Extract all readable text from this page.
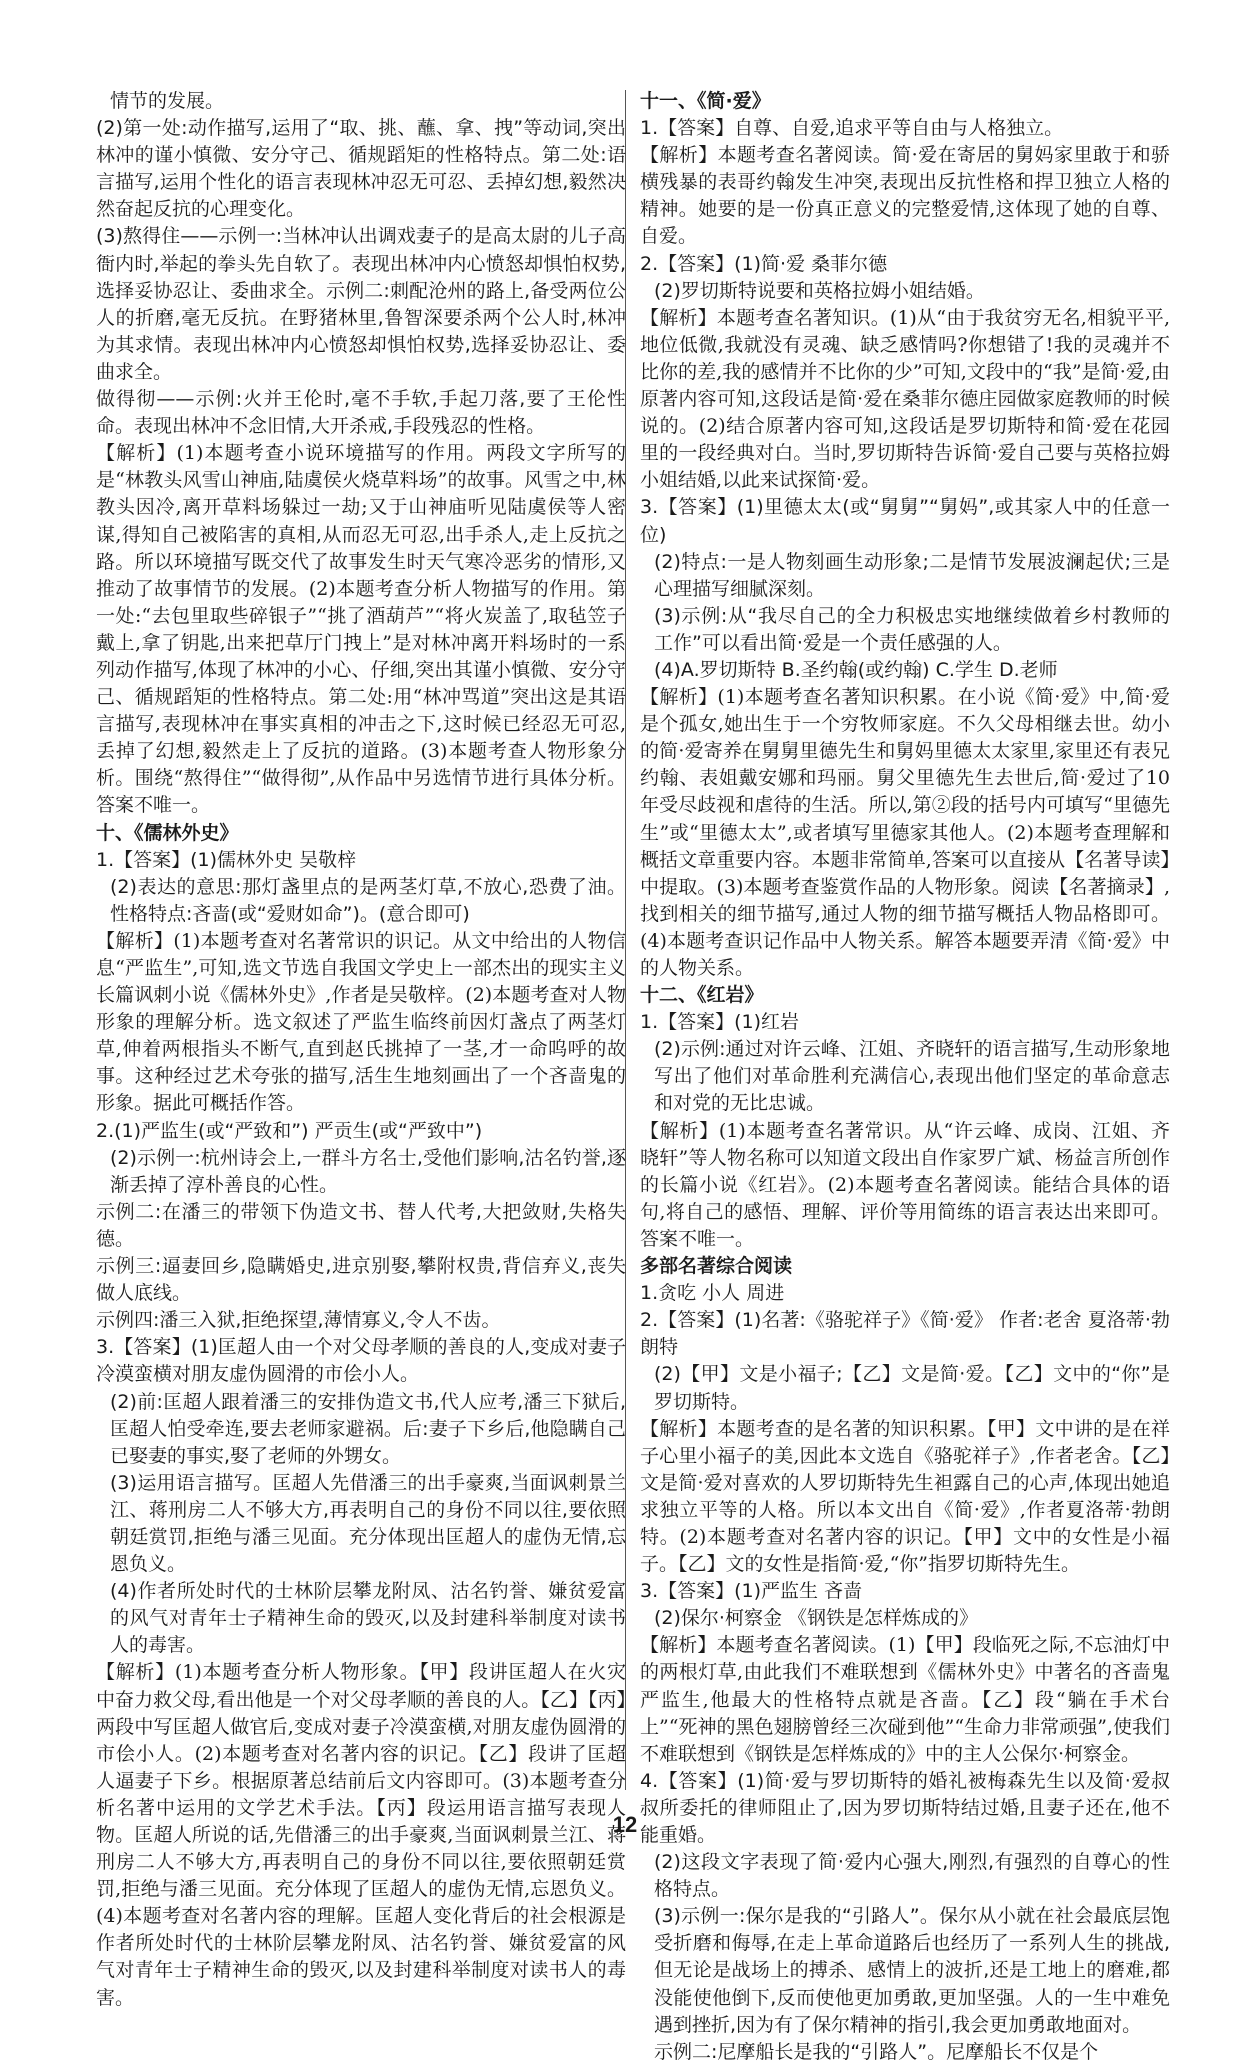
情节的发展。

(2)第一处:动作描写,运用了“取、挑、蘸、拿、拽”等动词,突出林冲的谨小慎微、安分守己、循规蹈矩的性格特点。第二处:语言描写,运用个性化的语言表现林冲忍无可忍、丢掉幻想,毅然决然奋起反抗的心理变化。

(3)熬得住——示例一:当林冲认出调戏妻子的是高太尉的儿子高衙内时,举起的拳头先自软了。表现出林冲内心愤怒却惧怕权势,选择妥协忍让、委曲求全。示例二:刺配沧州的路上,备受两位公人的折磨,毫无反抗。在野猪林里,鲁智深要杀两个公人时,林冲为其求情。表现出林冲内心愤怒却惧怕权势,选择妥协忍让、委曲求全。

做得彻——示例:火并王伦时,毫不手软,手起刀落,要了王伦性命。表现出林冲不念旧情,大开杀戒,手段残忍的性格。

【解析】(1)本题考查小说环境描写的作用。两段文字所写的是“林教头风雪山神庙,陆虞侯火烧草料场”的故事。风雪之中,林教头因冷,离开草料场躲过一劫;又于山神庙听见陆虞侯等人密谋,得知自己被陷害的真相,从而忍无可忍,出手杀人,走上反抗之路。所以环境描写既交代了故事发生时天气寒冷恶劣的情形,又推动了故事情节的发展。(2)本题考查分析人物描写的作用。第一处:“去包里取些碎银子”“挑了酒葫芦”“将火炭盖了,取毡笠子戴上,拿了钥匙,出来把草厅门拽上”是对林冲离开料场时的一系列动作描写,体现了林冲的小心、仔细,突出其谨小慎微、安分守己、循规蹈矩的性格特点。第二处:用“林冲骂道”突出这是其语言描写,表现林冲在事实真相的冲击之下,这时候已经忍无可忍,丢掉了幻想,毅然走上了反抗的道路。(3)本题考查人物形象分析。围绕“熬得住”“做得彻”,从作品中另选情节进行具体分析。答案不唯一。

十、《儒林外史》

1.【答案】(1)儒林外史 吴敬梓

(2)表达的意思:那灯盏里点的是两茎灯草,不放心,恐费了油。 性格特点:吝啬(或“爱财如命”)。(意合即可)

【解析】(1)本题考查对名著常识的识记。从文中给出的人物信息“严监生”,可知,选文节选自我国文学史上一部杰出的现实主义长篇讽刺小说《儒林外史》,作者是吴敬梓。(2)本题考查对人物形象的理解分析。选文叙述了严监生临终前因灯盏点了两茎灯草,伸着两根指头不断气,直到赵氏挑掉了一茎,才一命呜呼的故事。这种经过艺术夸张的描写,活生生地刻画出了一个吝啬鬼的形象。据此可概括作答。

2.(1)严监生(或“严致和”) 严贡生(或“严致中”)

(2)示例一:杭州诗会上,一群斗方名士,受他们影响,沽名钓誉,逐渐丢掉了淳朴善良的心性。

示例二:在潘三的带领下伪造文书、替人代考,大把敛财,失格失德。

示例三:逼妻回乡,隐瞒婚史,进京别娶,攀附权贵,背信弃义,丧失做人底线。

示例四:潘三入狱,拒绝探望,薄情寡义,令人不齿。

3.【答案】(1)匡超人由一个对父母孝顺的善良的人,变成对妻子冷漠蛮横对朋友虚伪圆滑的市侩小人。

(2)前:匡超人跟着潘三的安排伪造文书,代人应考,潘三下狱后,匡超人怕受牵连,要去老师家避祸。后:妻子下乡后,他隐瞒自己已娶妻的事实,娶了老师的外甥女。

(3)运用语言描写。匡超人先借潘三的出手豪爽,当面讽刺景兰江、蒋刑房二人不够大方,再表明自己的身份不同以往,要依照朝廷赏罚,拒绝与潘三见面。充分体现出匡超人的虚伪无情,忘恩负义。

(4)作者所处时代的士林阶层攀龙附凤、沽名钓誉、嫌贫爱富的风气对青年士子精神生命的毁灭,以及封建科举制度对读书人的毒害。

【解析】(1)本题考查分析人物形象。【甲】段讲匡超人在火灾中奋力救父母,看出他是一个对父母孝顺的善良的人。【乙】【丙】两段中写匡超人做官后,变成对妻子冷漠蛮横,对朋友虚伪圆滑的市侩小人。(2)本题考查对名著内容的识记。【乙】段讲了匡超人逼妻子下乡。根据原著总结前后文内容即可。(3)本题考查分析名著中运用的文学艺术手法。【丙】段运用语言描写表现人物。匡超人所说的话,先借潘三的出手豪爽,当面讽刺景兰江、蒋刑房二人不够大方,再表明自己的身份不同以往,要依照朝廷赏罚,拒绝与潘三见面。充分体现了匡超人的虚伪无情,忘恩负义。(4)本题考查对名著内容的理解。匡超人变化背后的社会根源是作者所处时代的士林阶层攀龙附凤、沽名钓誉、嫌贫爱富的风气对青年士子精神生命的毁灭,以及封建科举制度对读书人的毒害。

十一、《简·爱》

1.【答案】自尊、自爱,追求平等自由与人格独立。

【解析】本题考查名著阅读。简·爱在寄居的舅妈家里敢于和骄横残暴的表哥约翰发生冲突,表现出反抗性格和捍卫独立人格的精神。她要的是一份真正意义的完整爱情,这体现了她的自尊、自爱。

2.【答案】(1)简·爱 桑菲尔德

(2)罗切斯特说要和英格拉姆小姐结婚。

【解析】本题考查名著知识。(1)从“由于我贫穷无名,相貌平平,地位低微,我就没有灵魂、缺乏感情吗?你想错了!我的灵魂并不比你的差,我的感情并不比你的少”可知,文段中的“我”是简·爱,由原著内容可知,这段话是简·爱在桑菲尔德庄园做家庭教师的时候说的。(2)结合原著内容可知,这段话是罗切斯特和简·爱在花园里的一段经典对白。当时,罗切斯特告诉简·爱自己要与英格拉姆小姐结婚,以此来试探简·爱。

3.【答案】(1)里德太太(或“舅舅”“舅妈”,或其家人中的任意一位)

(2)特点:一是人物刻画生动形象;二是情节发展波澜起伏;三是心理描写细腻深刻。

(3)示例:从“我尽自己的全力积极忠实地继续做着乡村教师的工作”可以看出简·爱是一个责任感强的人。

(4)A.罗切斯特 B.圣约翰(或约翰) C.学生 D.老师

【解析】(1)本题考查名著知识积累。在小说《简·爱》中,简·爱是个孤女,她出生于一个穷牧师家庭。不久父母相继去世。幼小的简·爱寄养在舅舅里德先生和舅妈里德太太家里,家里还有表兄约翰、表姐戴安娜和玛丽。舅父里德先生去世后,简·爱过了10年受尽歧视和虐待的生活。所以,第②段的括号内可填写“里德先生”或“里德太太”,或者填写里德家其他人。(2)本题考查理解和概括文章重要内容。本题非常简单,答案可以直接从【名著导读】中提取。(3)本题考查鉴赏作品的人物形象。阅读【名著摘录】,找到相关的细节描写,通过人物的细节描写概括人物品格即可。(4)本题考查识记作品中人物关系。解答本题要弄清《简·爱》中的人物关系。

十二、《红岩》

1.【答案】(1)红岩

(2)示例:通过对许云峰、江姐、齐晓轩的语言描写,生动形象地写出了他们对革命胜利充满信心,表现出他们坚定的革命意志和对党的无比忠诚。

【解析】(1)本题考查名著常识。从“许云峰、成岗、江姐、齐晓轩”等人物名称可以知道文段出自作家罗广斌、杨益言所创作的长篇小说《红岩》。(2)本题考查名著阅读。能结合具体的语句,将自己的感悟、理解、评价等用简练的语言表达出来即可。答案不唯一。

多部名著综合阅读

1.贪吃 小人 周进

2.【答案】(1)名著:《骆驼祥子》《简·爱》 作者:老舍 夏洛蒂·勃朗特

(2)【甲】文是小福子;【乙】文是简·爱。【乙】文中的“你”是罗切斯特。

【解析】本题考查的是名著的知识积累。【甲】文中讲的是在祥子心里小福子的美,因此本文选自《骆驼祥子》,作者老舍。【乙】文是简·爱对喜欢的人罗切斯特先生袒露自己的心声,体现出她追求独立平等的人格。所以本文出自《简·爱》,作者夏洛蒂·勃朗特。(2)本题考查对名著内容的识记。【甲】文中的女性是小福子。【乙】文的女性是指简·爱,“你”指罗切斯特先生。

3.【答案】(1)严监生 吝啬

(2)保尔·柯察金 《钢铁是怎样炼成的》

【解析】本题考查名著阅读。(1)【甲】段临死之际,不忘油灯中的两根灯草,由此我们不难联想到《儒林外史》中著名的吝啬鬼严监生,他最大的性格特点就是吝啬。【乙】段“躺在手术台上”“死神的黑色翅膀曾经三次碰到他”“生命力非常顽强”,使我们不难联想到《钢铁是怎样炼成的》中的主人公保尔·柯察金。

4.【答案】(1)简·爱与罗切斯特的婚礼被梅森先生以及简·爱叔叔所委托的律师阻止了,因为罗切斯特结过婚,且妻子还在,他不能重婚。

(2)这段文字表现了简·爱内心强大,刚烈,有强烈的自尊心的性格特点。

(3)示例一:保尔是我的“引路人”。保尔从小就在社会最底层饱受折磨和侮辱,在走上革命道路后也经历了一系列人生的挑战,但无论是战场上的搏杀、感情上的波折,还是工地上的磨难,都没能使他倒下,反而使他更加勇敢,更加坚强。人的一生中难免遇到挫折,因为有了保尔精神的指引,我会更加勇敢地面对。

示例二:尼摩船长是我的“引路人”。尼摩船长不仅是个

12
